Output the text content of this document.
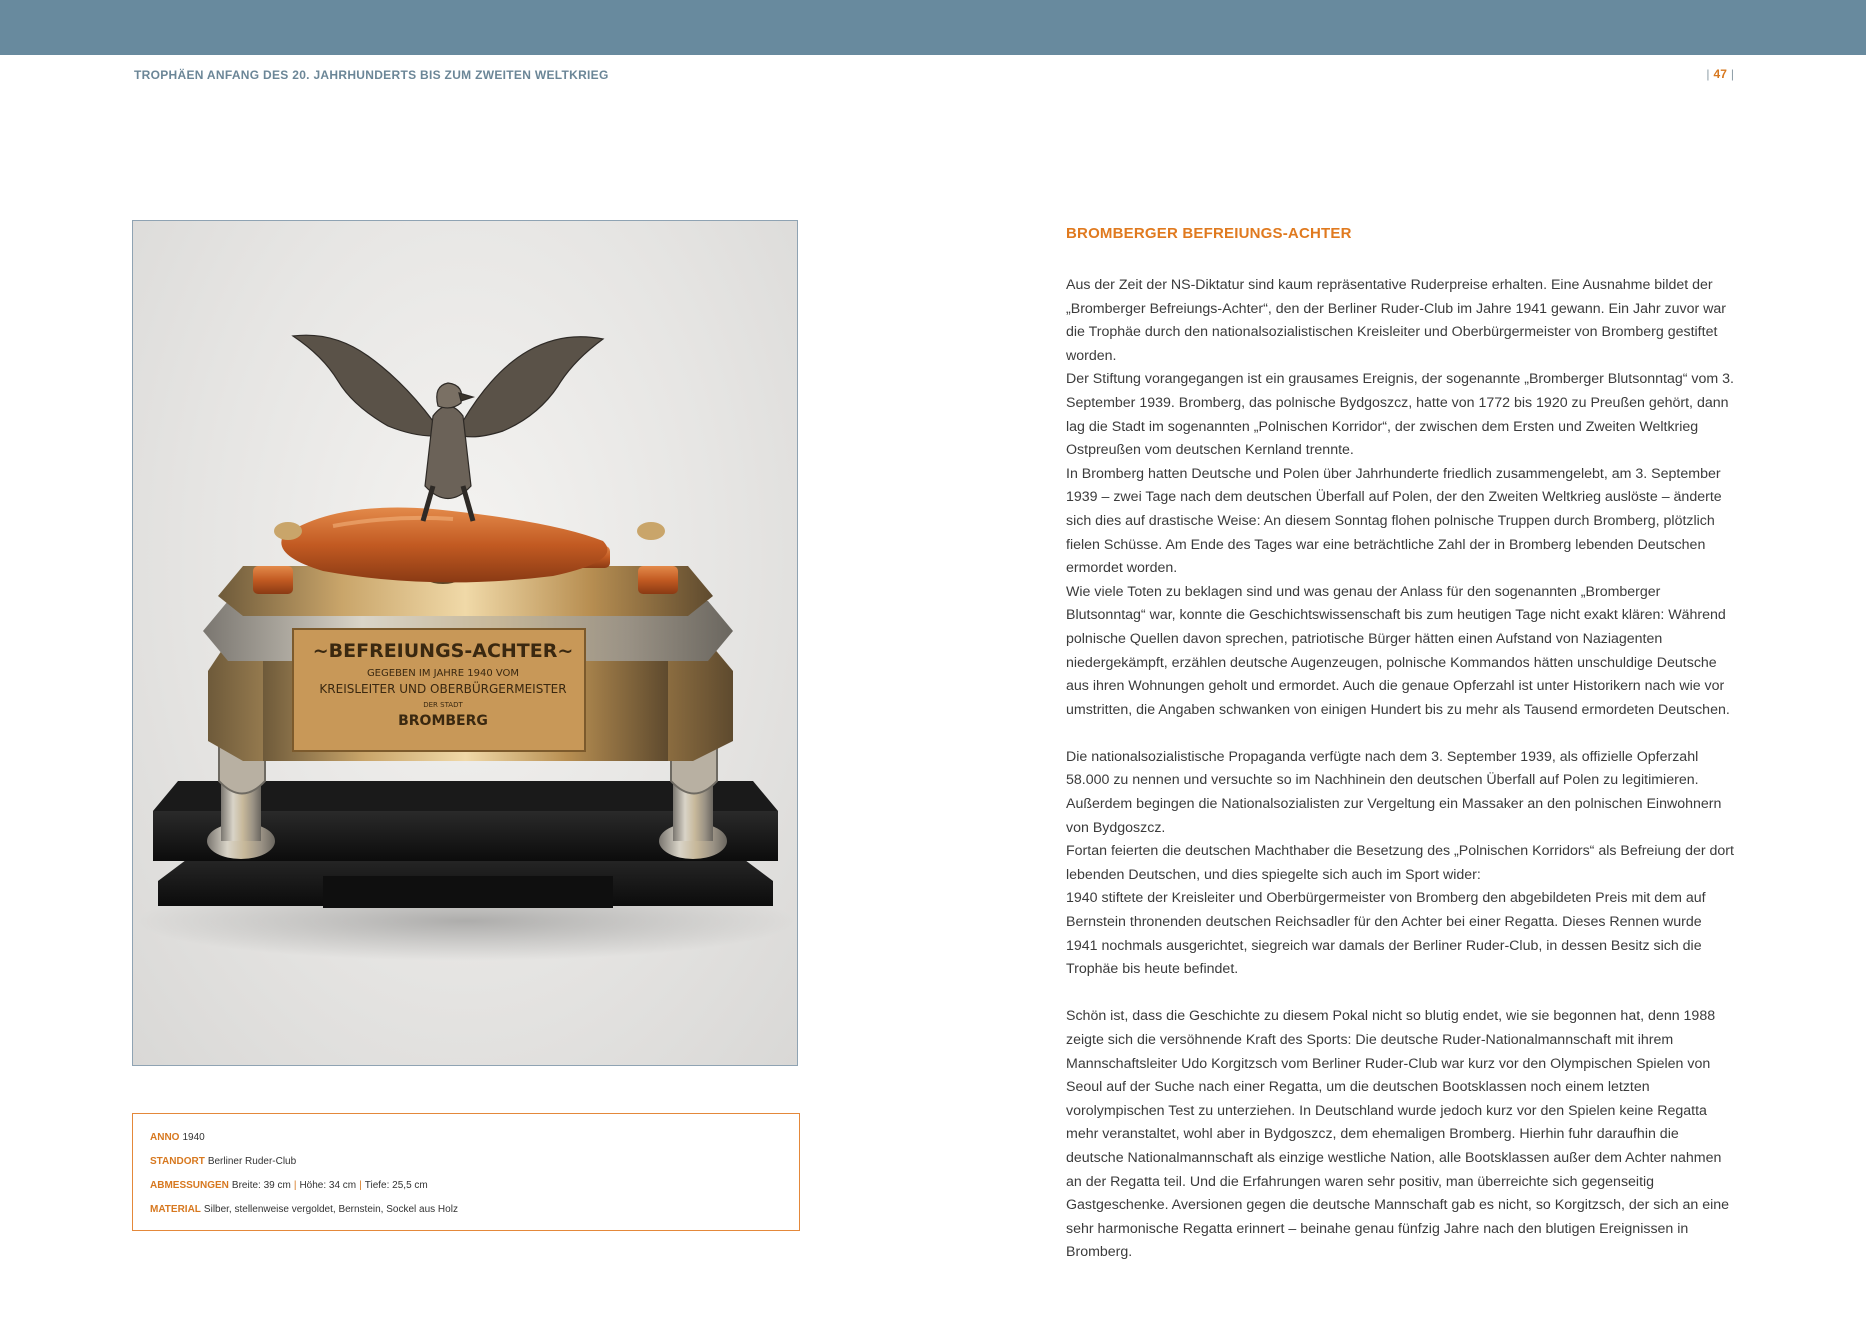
TROPHÄEN ANFANG DES 20. JAHRHUNDERTS BIS ZUM ZWEITEN WELTKRIEG	| 47 |
~BEFREIUNGS-ACHTER~
GEGEBEN IM JAHRE 1940 VOM
KREISLEITER UND OBERBÜRGERMEISTER
DER STADT
BROMBERG
ANNO 1940
STANDORT Berliner Ruder-Club
ABMESSUNGEN Breite: 39 cm | Höhe: 34 cm | Tiefe: 25,5 cm
MATERIAL Silber, stellenweise vergoldet, Bernstein, Sockel aus Holz
BROMBERGER BEFREIUNGS-ACHTER

Aus der Zeit der NS-Diktatur sind kaum repräsentative Ruderpreise erhalten. Eine Ausnahme bildet der „Bromberger Befreiungs-Achter“, den der Berliner Ruder-Club im Jahre 1941 gewann. Ein Jahr zuvor war die Trophäe durch den nationalsozialistischen Kreisleiter und Oberbürgermeister von Bromberg gestiftet worden.

Der Stiftung vorangegangen ist ein grausames Ereignis, der sogenannte „Bromberger Blutsonntag“ vom 3. September 1939. Bromberg, das polnische Bydgoszcz, hatte von 1772 bis 1920 zu Preußen gehört, dann lag die Stadt im sogenannten „Polnischen Korridor“, der zwischen dem Ersten und Zweiten Weltkrieg Ostpreußen vom deutschen Kernland trennte.

In Bromberg hatten Deutsche und Polen über Jahrhunderte friedlich zusammengelebt, am 3. September 1939 – zwei Tage nach dem deutschen Überfall auf Polen, der den Zweiten Weltkrieg auslöste – änderte sich dies auf drastische Weise: An diesem Sonntag flohen polnische Truppen durch Bromberg, plötzlich fielen Schüsse. Am Ende des Tages war eine beträchtliche Zahl der in Bromberg lebenden Deutschen ermordet worden.

Wie viele Toten zu beklagen sind und was genau der Anlass für den sogenannten „Bromberger Blutsonntag“ war, konnte die Geschichtswissenschaft bis zum heutigen Tage nicht exakt klären: Während polnische Quellen davon sprechen, patriotische Bürger hätten einen Aufstand von Naziagenten niedergekämpft, erzählen deutsche Augenzeugen, polnische Kommandos hätten unschuldige Deutsche aus ihren Wohnungen geholt und ermordet. Auch die genaue Opferzahl ist unter Historikern nach wie vor umstritten, die Angaben schwanken von einigen Hundert bis zu mehr als Tausend ermordeten Deutschen.

Die nationalsozialistische Propaganda verfügte nach dem 3. September 1939, als offizielle Opferzahl 58.000 zu nennen und versuchte so im Nachhinein den deutschen Überfall auf Polen zu legitimieren. Außerdem begingen die Nationalsozialisten zur Vergeltung ein Massaker an den polnischen Einwohnern von Bydgoszcz.

Fortan feierten die deutschen Machthaber die Besetzung des „Polnischen Korridors“ als Befreiung der dort lebenden Deutschen, und dies spiegelte sich auch im Sport wider:

1940 stiftete der Kreisleiter und Oberbürgermeister von Bromberg den abgebildeten Preis mit dem auf Bernstein thronenden deutschen Reichsadler für den Achter bei einer Regatta. Dieses Rennen wurde 1941 nochmals ausgerichtet, siegreich war damals der Berliner Ruder-Club, in dessen Besitz sich die Trophäe bis heute befindet.

Schön ist, dass die Geschichte zu diesem Pokal nicht so blutig endet, wie sie begonnen hat, denn 1988 zeigte sich die versöhnende Kraft des Sports: Die deutsche Ruder-Nationalmannschaft mit ihrem Mannschaftsleiter Udo Korgitzsch vom Berliner Ruder-Club war kurz vor den Olympischen Spielen von Seoul auf der Suche nach einer Regatta, um die deutschen Bootsklassen noch einem letzten vorolympischen Test zu unterziehen. In Deutschland wurde jedoch kurz vor den Spielen keine Regatta mehr veranstaltet, wohl aber in Bydgoszcz, dem ehemaligen Bromberg. Hierhin fuhr daraufhin die deutsche Nationalmannschaft als einzige westliche Nation, alle Bootsklassen außer dem Achter nahmen an der Regatta teil. Und die Erfahrungen waren sehr positiv, man überreichte sich gegenseitig Gastgeschenke. Aversionen gegen die deutsche Mannschaft gab es nicht, so Korgitzsch, der sich an eine sehr harmonische Regatta erinnert – beinahe genau fünfzig Jahre nach den blutigen Ereignissen in Bromberg.
